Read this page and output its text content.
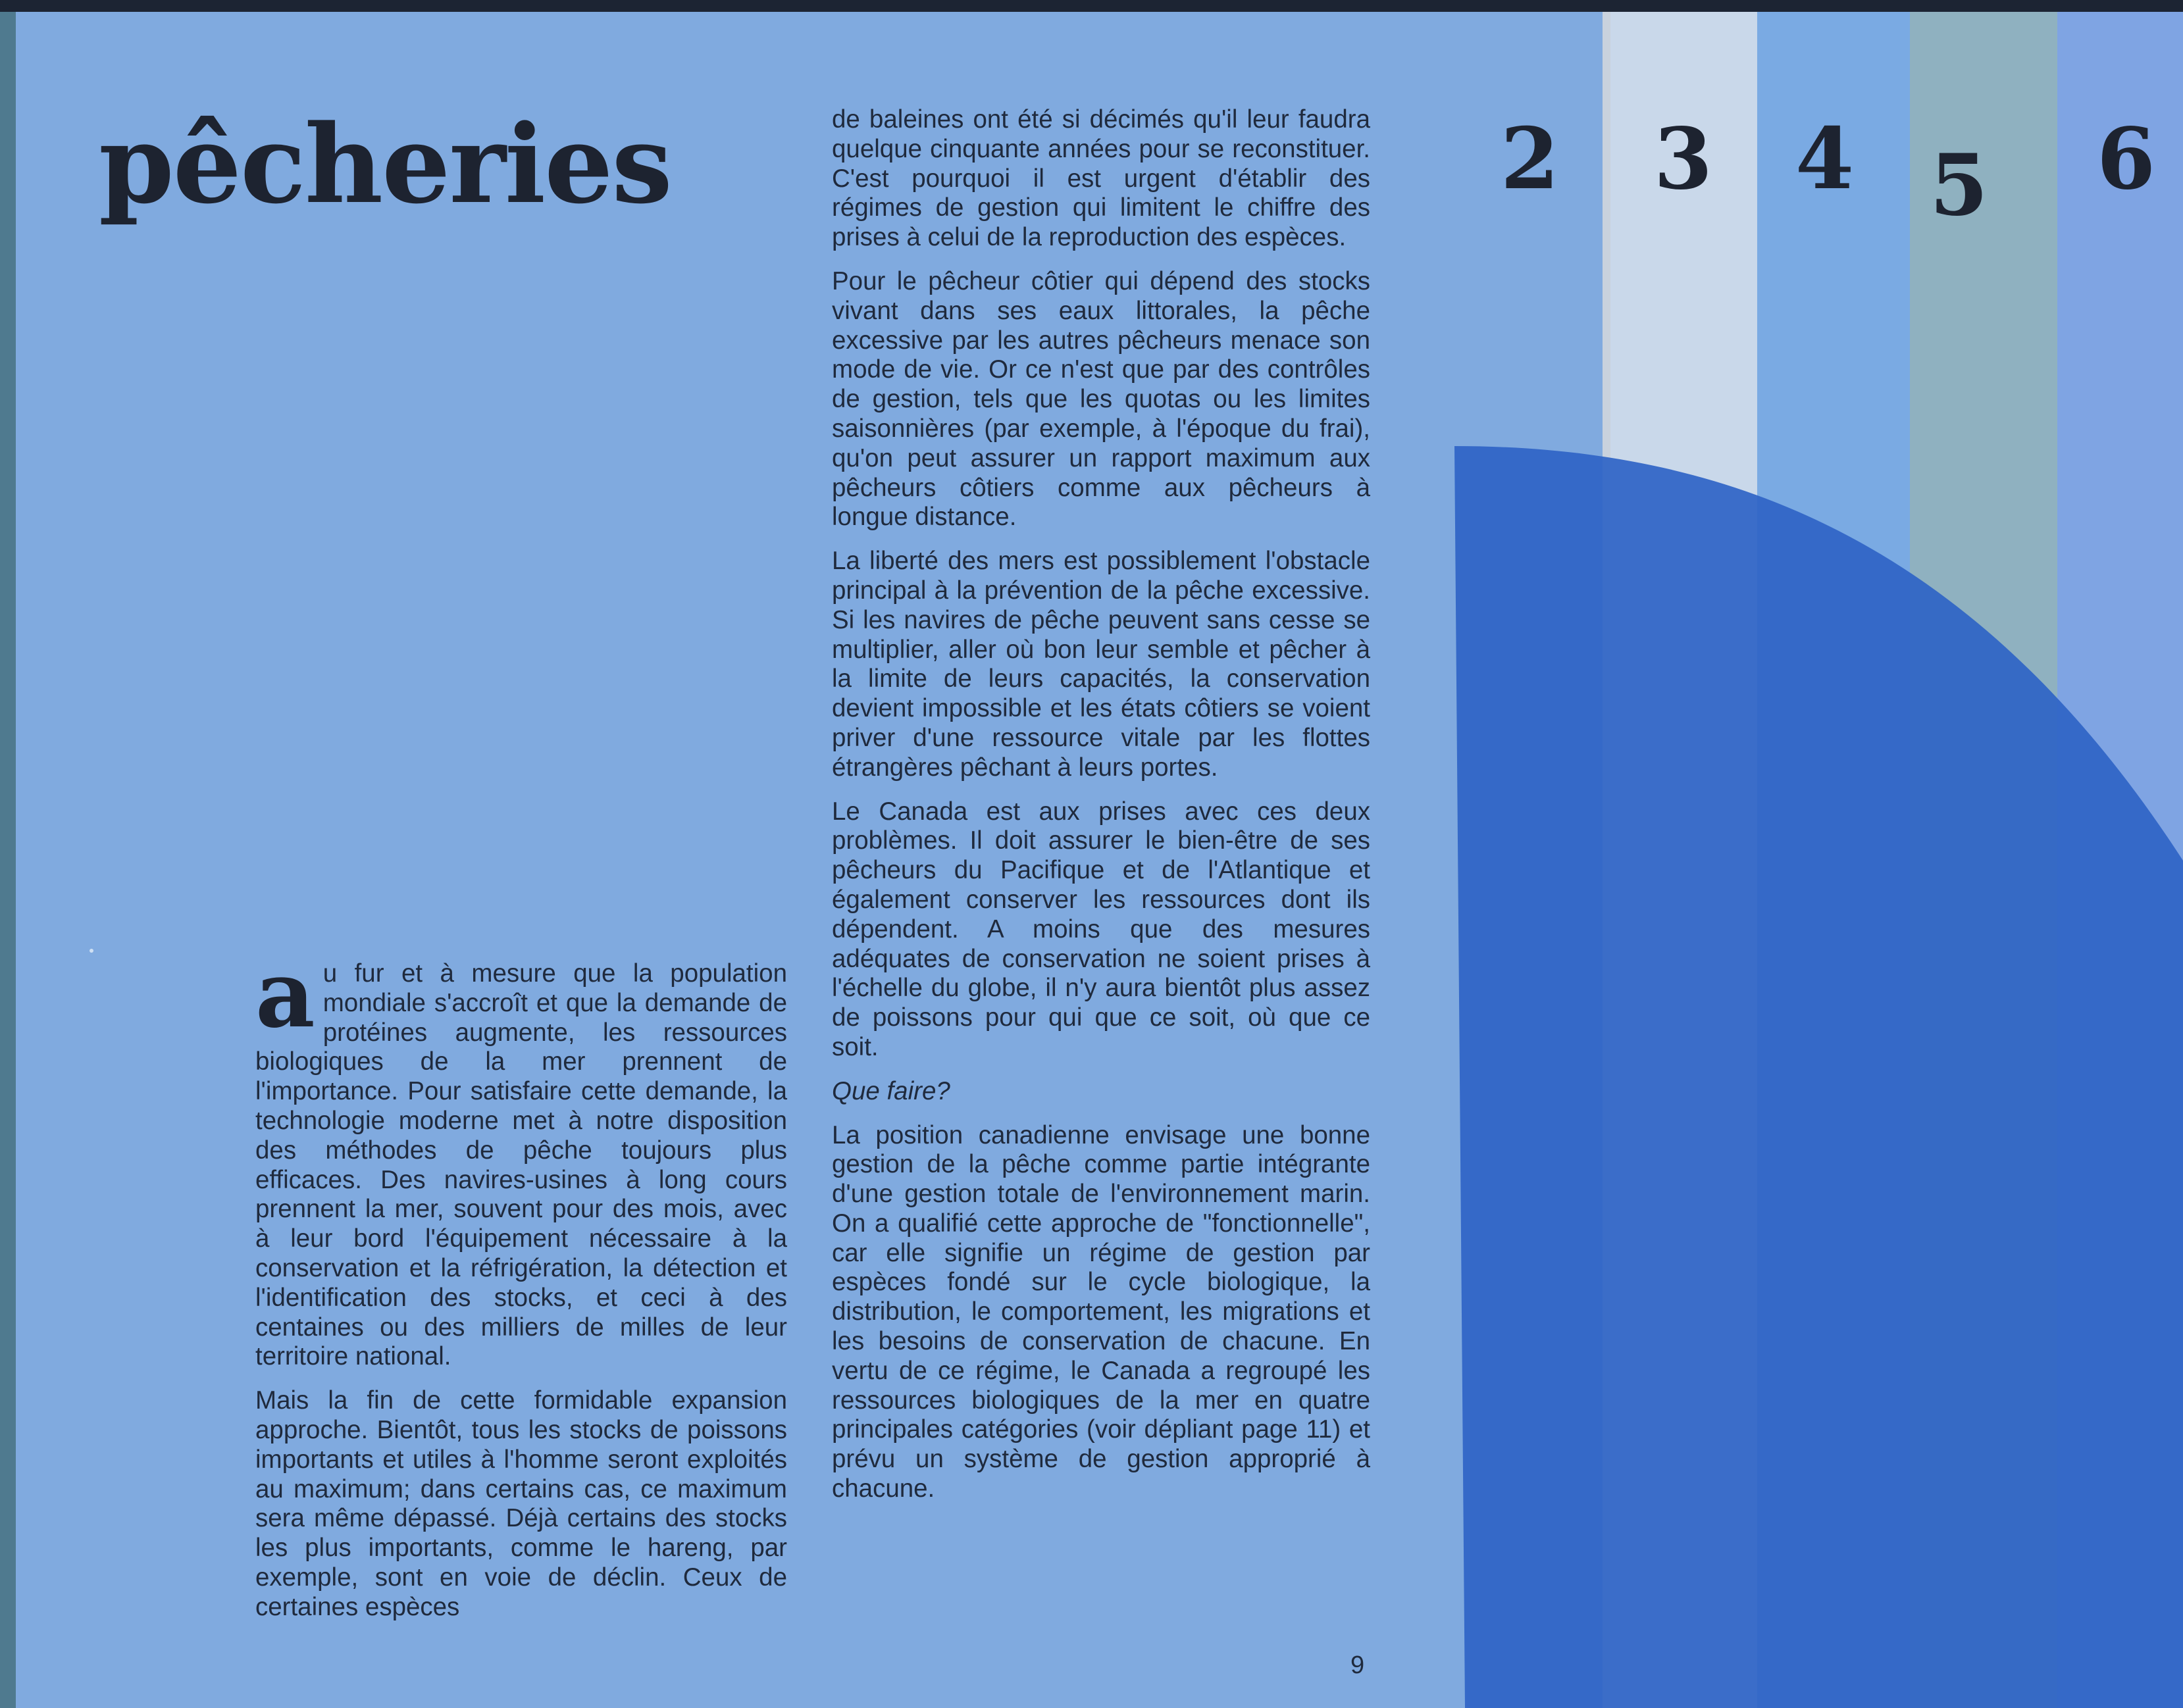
2 3 4 5 6
pêcheries

au fur et à mesure que la population mondiale s'accroît et que la demande de protéines augmente, les ressources biologiques de la mer prennent de l'importance. Pour satisfaire cette demande, la technologie moderne met à notre disposition des méthodes de pêche toujours plus efficaces. Des navires-usines à long cours prennent la mer, souvent pour des mois, avec à leur bord l'équipement nécessaire à la conservation et la réfrigération, la détection et l'identification des stocks, et ceci à des centaines ou des milliers de milles de leur territoire national.

Mais la fin de cette formidable expansion approche. Bientôt, tous les stocks de poissons importants et utiles à l'homme seront exploités au maximum; dans certains cas, ce maximum sera même dépassé. Déjà certains des stocks les plus importants, comme le hareng, par exemple, sont en voie de déclin. Ceux de certaines espèces

de baleines ont été si décimés qu'il leur faudra quelque cinquante années pour se reconstituer. C'est pourquoi il est urgent d'établir des régimes de gestion qui limitent le chiffre des prises à celui de la reproduction des espèces.

Pour le pêcheur côtier qui dépend des stocks vivant dans ses eaux littorales, la pêche excessive par les autres pêcheurs menace son mode de vie. Or ce n'est que par des contrôles de gestion, tels que les quotas ou les limites saisonnières (par exemple, à l'époque du frai), qu'on peut assurer un rapport maximum aux pêcheurs côtiers comme aux pêcheurs à longue distance.

La liberté des mers est possiblement l'obstacle principal à la prévention de la pêche excessive. Si les navires de pêche peuvent sans cesse se multiplier, aller où bon leur semble et pêcher à la limite de leurs capacités, la conservation devient impossible et les états côtiers se voient priver d'une ressource vitale par les flottes étrangères pêchant à leurs portes.

Le Canada est aux prises avec ces deux problèmes. Il doit assurer le bien-être de ses pêcheurs du Pacifique et de l'Atlantique et également conserver les ressources dont ils dépendent. A moins que des mesures adéquates de conservation ne soient prises à l'échelle du globe, il n'y aura bientôt plus assez de poissons pour qui que ce soit, où que ce soit.

Que faire?

La position canadienne envisage une bonne gestion de la pêche comme partie intégrante d'une gestion totale de l'environnement marin. On a qualifié cette approche de "fonctionnelle", car elle signifie un régime de gestion par espèces fondé sur le cycle biologique, la distribution, le comportement, les migrations et les besoins de conservation de chacune. En vertu de ce régime, le Canada a regroupé les ressources biologiques de la mer en quatre principales catégories (voir dépliant page 11) et prévu un système de gestion approprié à chacune.

9
